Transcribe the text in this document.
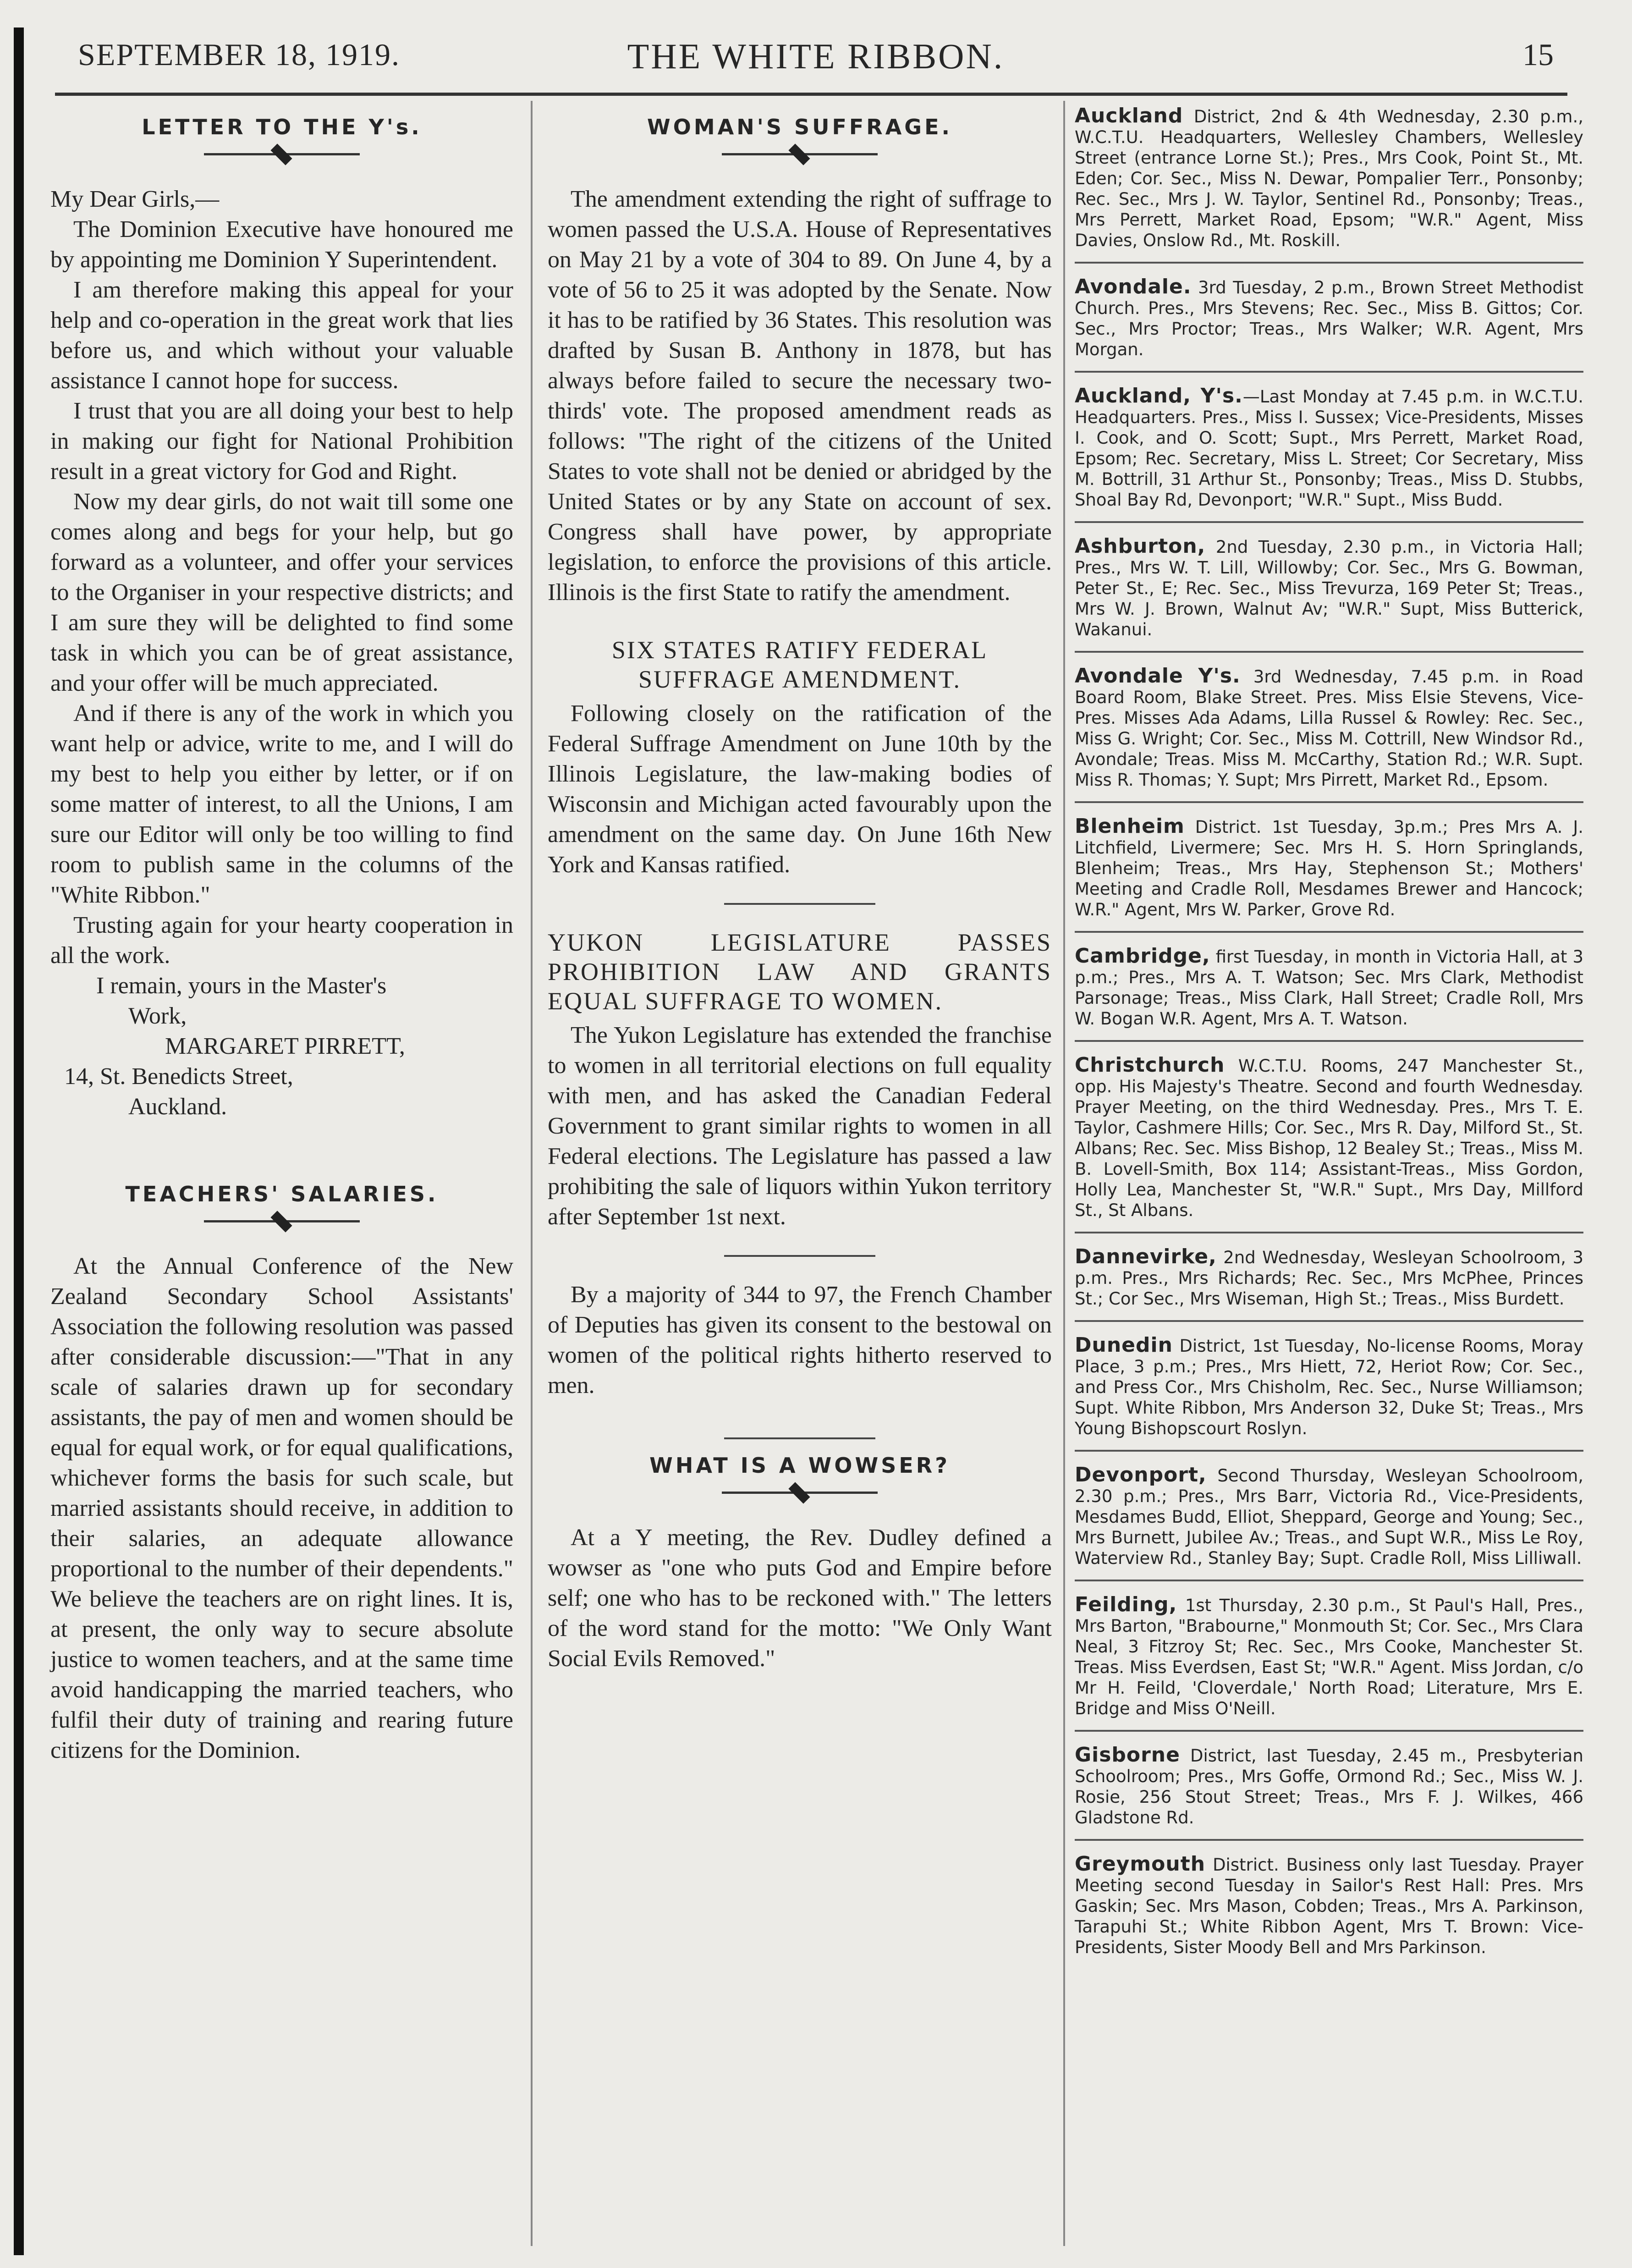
SEPTEMBER 18, 1919.	THE WHITE RIBBON.	15
LETTER TO THE Y's.

My Dear Girls,—

The Dominion Executive have honoured me by appointing me Dominion Y Superintendent.

I am therefore making this appeal for your help and co-operation in the great work that lies before us, and which without your valuable assistance I cannot hope for success.

I trust that you are all doing your best to help in making our fight for National Prohibition result in a great victory for God and Right.

Now my dear girls, do not wait till some one comes along and begs for your help, but go forward as a volunteer, and offer your services to the Organiser in your respective districts; and I am sure they will be delighted to find some task in which you can be of great assistance, and your offer will be much appreciated.

And if there is any of the work in which you want help or advice, write to me, and I will do my best to help you either by letter, or if on some matter of interest, to all the Unions, I am sure our Editor will only be too willing to find room to publish same in the columns of the "White Ribbon."

Trusting again for your hearty cooperation in all the work.

I remain, yours in the Master's
Work,
MARGARET PIRRETT,
14, St. Benedicts Street,
Auckland.
TEACHERS' SALARIES.

At the Annual Conference of the New Zealand Secondary School Assistants' Association the following resolution was passed after considerable discussion:—"That in any scale of salaries drawn up for secondary assistants, the pay of men and women should be equal for equal work, or for equal qualifications, whichever forms the basis for such scale, but married assistants should receive, in addition to their salaries, an adequate allowance proportional to the number of their dependents." We believe the teachers are on right lines. It is, at present, the only way to secure absolute justice to women teachers, and at the same time avoid handicapping the married teachers, who fulfil their duty of training and rearing future citizens for the Dominion.

WOMAN'S SUFFRAGE.

The amendment extending the right of suffrage to women passed the U.S.A. House of Representatives on May 21 by a vote of 304 to 89. On June 4, by a vote of 56 to 25 it was adopted by the Senate. Now it has to be ratified by 36 States. This resolution was drafted by Susan B. Anthony in 1878, but has always before failed to secure the necessary two-thirds' vote. The proposed amendment reads as follows: "The right of the citizens of the United States to vote shall not be denied or abridged by the United States or by any State on account of sex. Congress shall have power, by appropriate legislation, to enforce the provisions of this article. Illinois is the first State to ratify the amendment.

SIX STATES RATIFY FEDERAL SUFFRAGE AMENDMENT.

Following closely on the ratification of the Federal Suffrage Amendment on June 10th by the Illinois Legislature, the law-making bodies of Wisconsin and Michigan acted favourably upon the amendment on the same day. On June 16th New York and Kansas ratified.

YUKON LEGISLATURE PASSES PROHIBITION LAW AND GRANTS EQUAL SUFFRAGE TO WOMEN.

The Yukon Legislature has extended the franchise to women in all territorial elections on full equality with men, and has asked the Canadian Federal Government to grant similar rights to women in all Federal elections. The Legislature has passed a law prohibiting the sale of liquors within Yukon territory after September 1st next.

By a majority of 344 to 97, the French Chamber of Deputies has given its consent to the bestowal on women of the political rights hitherto reserved to men.

WHAT IS A WOWSER?

At a Y meeting, the Rev. Dudley defined a wowser as "one who puts God and Empire before self; one who has to be reckoned with." The letters of the word stand for the motto: "We Only Want Social Evils Removed."

Auckland District, 2nd & 4th Wednesday, 2.30 p.m., W.C.T.U. Headquarters, Wellesley Chambers, Wellesley Street (entrance Lorne St.); Pres., Mrs Cook, Point St., Mt. Eden; Cor. Sec., Miss N. Dewar, Pompalier Terr., Ponsonby; Rec. Sec., Mrs J. W. Taylor, Sentinel Rd., Ponsonby; Treas., Mrs Perrett, Market Road, Epsom; "W.R." Agent, Miss Davies, Onslow Rd., Mt. Roskill.

Avondale. 3rd Tuesday, 2 p.m., Brown Street Methodist Church. Pres., Mrs Stevens; Rec. Sec., Miss B. Gittos; Cor. Sec., Mrs Proctor; Treas., Mrs Walker; W.R. Agent, Mrs Morgan.

Auckland, Y's.—Last Monday at 7.45 p.m. in W.C.T.U. Headquarters. Pres., Miss I. Sussex; Vice-Presidents, Misses I. Cook, and O. Scott; Supt., Mrs Perrett, Market Road, Epsom; Rec. Secretary, Miss L. Street; Cor Secretary, Miss M. Bottrill, 31 Arthur St., Ponsonby; Treas., Miss D. Stubbs, Shoal Bay Rd, Devonport; "W.R." Supt., Miss Budd.

Ashburton, 2nd Tuesday, 2.30 p.m., in Victoria Hall; Pres., Mrs W. T. Lill, Willowby; Cor. Sec., Mrs G. Bowman, Peter St., E; Rec. Sec., Miss Trevurza, 169 Peter St; Treas., Mrs W. J. Brown, Walnut Av; "W.R." Supt, Miss Butterick, Wakanui.

Avondale Y's. 3rd Wednesday, 7.45 p.m. in Road Board Room, Blake Street. Pres. Miss Elsie Stevens, Vice-Pres. Misses Ada Adams, Lilla Russel & Rowley: Rec. Sec., Miss G. Wright; Cor. Sec., Miss M. Cottrill, New Windsor Rd., Avondale; Treas. Miss M. McCarthy, Station Rd.; W.R. Supt. Miss R. Thomas; Y. Supt; Mrs Pirrett, Market Rd., Epsom.

Blenheim District. 1st Tuesday, 3p.m.; Pres Mrs A. J. Litchfield, Livermere; Sec. Mrs H. S. Horn Springlands, Blenheim; Treas., Mrs Hay, Stephenson St.; Mothers' Meeting and Cradle Roll, Mesdames Brewer and Hancock; W.R." Agent, Mrs W. Parker, Grove Rd.

Cambridge, first Tuesday, in month in Victoria Hall, at 3 p.m.; Pres., Mrs A. T. Watson; Sec. Mrs Clark, Methodist Parsonage; Treas., Miss Clark, Hall Street; Cradle Roll, Mrs W. Bogan W.R. Agent, Mrs A. T. Watson.

Christchurch W.C.T.U. Rooms, 247 Manchester St., opp. His Majesty's Theatre. Second and fourth Wednesday. Prayer Meeting, on the third Wednesday. Pres., Mrs T. E. Taylor, Cashmere Hills; Cor. Sec., Mrs R. Day, Milford St., St. Albans; Rec. Sec. Miss Bishop, 12 Bealey St.; Treas., Miss M. B. Lovell-Smith, Box 114; Assistant-Treas., Miss Gordon, Holly Lea, Manchester St, "W.R." Supt., Mrs Day, Millford St., St Albans.

Dannevirke, 2nd Wednesday, Wesleyan Schoolroom, 3 p.m. Pres., Mrs Richards; Rec. Sec., Mrs McPhee, Princes St.; Cor Sec., Mrs Wiseman, High St.; Treas., Miss Burdett.

Dunedin District, 1st Tuesday, No-license Rooms, Moray Place, 3 p.m.; Pres., Mrs Hiett, 72, Heriot Row; Cor. Sec., and Press Cor., Mrs Chisholm, Rec. Sec., Nurse Williamson; Supt. White Ribbon, Mrs Anderson 32, Duke St; Treas., Mrs Young Bishopscourt Roslyn.

Devonport, Second Thursday, Wesleyan Schoolroom, 2.30 p.m.; Pres., Mrs Barr, Victoria Rd., Vice-Presidents, Mesdames Budd, Elliot, Sheppard, George and Young; Sec., Mrs Burnett, Jubilee Av.; Treas., and Supt W.R., Miss Le Roy, Waterview Rd., Stanley Bay; Supt. Cradle Roll, Miss Lilliwall.

Feilding, 1st Thursday, 2.30 p.m., St Paul's Hall, Pres., Mrs Barton, "Brabourne," Monmouth St; Cor. Sec., Mrs Clara Neal, 3 Fitzroy St; Rec. Sec., Mrs Cooke, Manchester St. Treas. Miss Everdsen, East St; "W.R." Agent. Miss Jordan, c/o Mr H. Feild, 'Cloverdale,' North Road; Literature, Mrs E. Bridge and Miss O'Neill.

Gisborne District, last Tuesday, 2.45 m., Presbyterian Schoolroom; Pres., Mrs Goffe, Ormond Rd.; Sec., Miss W. J. Rosie, 256 Stout Street; Treas., Mrs F. J. Wilkes, 466 Gladstone Rd.

Greymouth District. Business only last Tuesday. Prayer Meeting second Tuesday in Sailor's Rest Hall: Pres. Mrs Gaskin; Sec. Mrs Mason, Cobden; Treas., Mrs A. Parkinson, Tarapuhi St.; White Ribbon Agent, Mrs T. Brown: Vice-Presidents, Sister Moody Bell and Mrs Parkinson.
